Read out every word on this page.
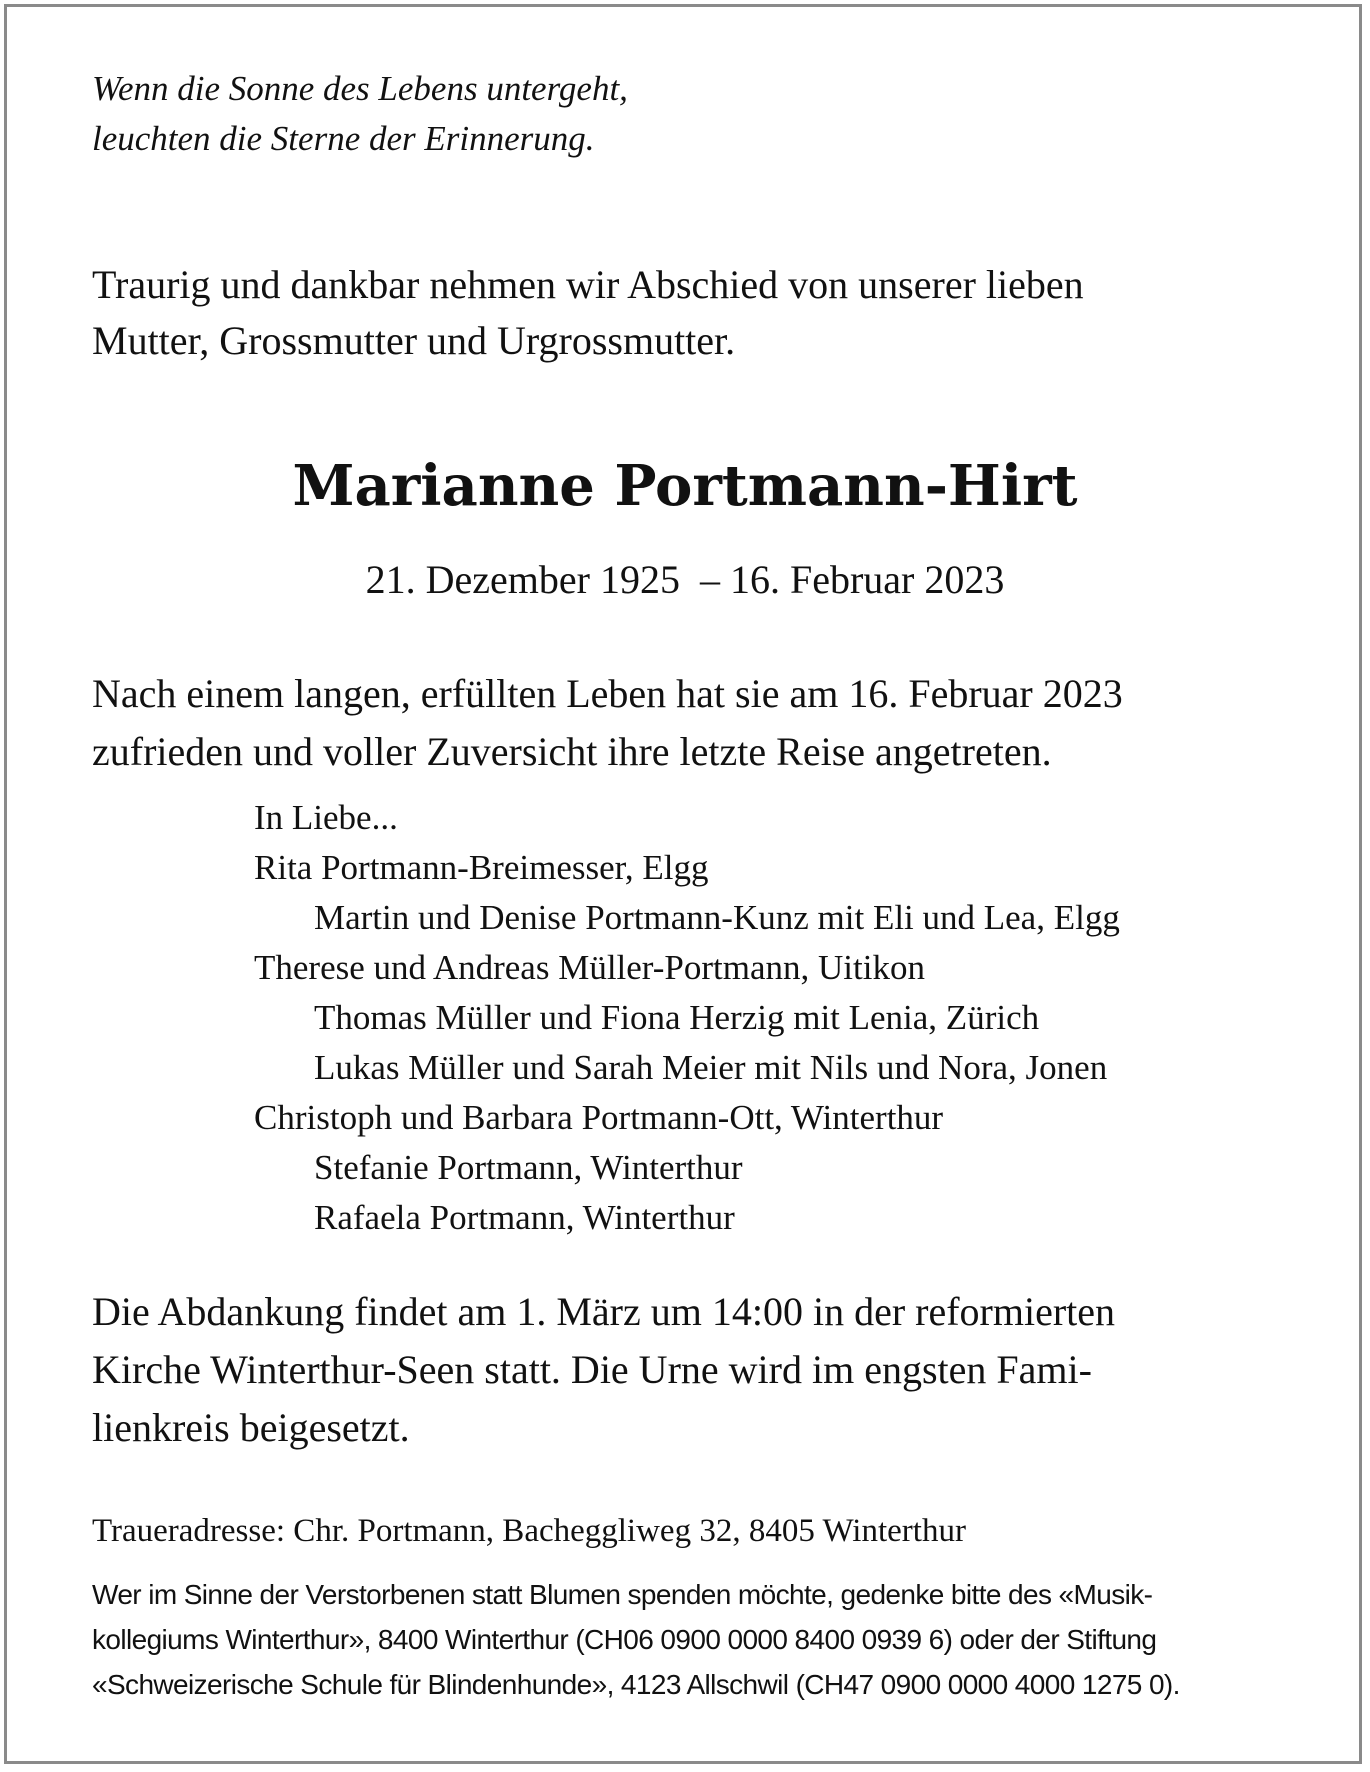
Wenn die Sonne des Lebens untergeht,
leuchten die Sterne der Erinnerung.
Traurig und dankbar nehmen wir Abschied von unserer lieben
Mutter, Grossmutter und Urgrossmutter.
Marianne Portmann-Hirt
21. Dezember 1925  – 16. Februar 2023
Nach einem langen, erfüllten Leben hat sie am 16. Februar 2023
zufrieden und voller Zuversicht ihre letzte Reise angetreten.
In Liebe...
Rita Portmann-Breimesser, Elgg
Martin und Denise Portmann-Kunz mit Eli und Lea, Elgg
Therese und Andreas Müller-Portmann, Uitikon
Thomas Müller und Fiona Herzig mit Lenia, Zürich
Lukas Müller und Sarah Meier mit Nils und Nora, Jonen
Christoph und Barbara Portmann-Ott, Winterthur
Stefanie Portmann, Winterthur
Rafaela Portmann, Winterthur
Die Abdankung findet am 1. März um 14:00 in der reformierten
Kirche Winterthur-Seen statt. Die Urne wird im engsten Fami-
lienkreis beigesetzt.
Traueradresse: Chr. Portmann, Bacheggliweg 32, 8405 Winterthur
Wer im Sinne der Verstorbenen statt Blumen spenden möchte, gedenke bitte des «Musik-
kollegiums Winterthur», 8400 Winterthur (CH06 0900 0000 8400 0939 6) oder der Stiftung
«Schweizerische Schule für Blindenhunde», 4123 Allschwil (CH47 0900 0000 4000 1275 0).
